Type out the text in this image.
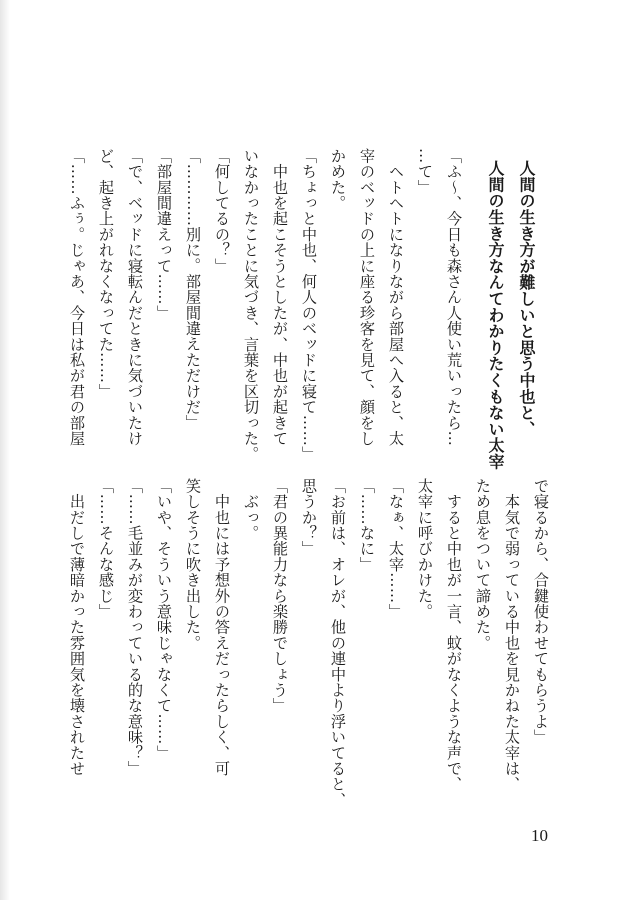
人間の生き方が難しいと思う中也と、
人間の生き方なんてわかりたくもない太宰
「ふ〜、今日も森さん人使い荒いったら…
…て」
　ヘトヘトになりながら部屋へ入ると、太
宰のベッドの上に座る珍客を見て、顔をし
かめた。
「ちょっと中也、何人のベッドに寝て……」
　中也を起こそうとしたが、中也が起きて
いなかったことに気づき、言葉を区切った。
「何してるの？」
「…………別に。部屋間違えただけだ」
「部屋間違えって……」
「で、ベッドに寝転んだときに気づいたけ
ど、起き上がれなくなってた……」
「……ふぅ。じゃあ、今日は私が君の部屋
で寝るから、合鍵使わせてもらうよ」
　本気で弱っている中也を見かねた太宰は、
ため息をついて諦めた。
　すると中也が一言、蚊がなくような声で、
太宰に呼びかけた。
「なぁ、太宰……」
「……なに」
「お前は、オレが、他の連中より浮いてると、
思うか？」
「君の異能力なら楽勝でしょう」
　ぶっ。
　中也には予想外の答えだったらしく、可
笑しそうに吹き出した。
「いや、そういう意味じゃなくて……」
「……毛並みが変わっている的な意味？」
「……そんな感じ」
　出だしで薄暗かった雰囲気を壊されたせ
10
